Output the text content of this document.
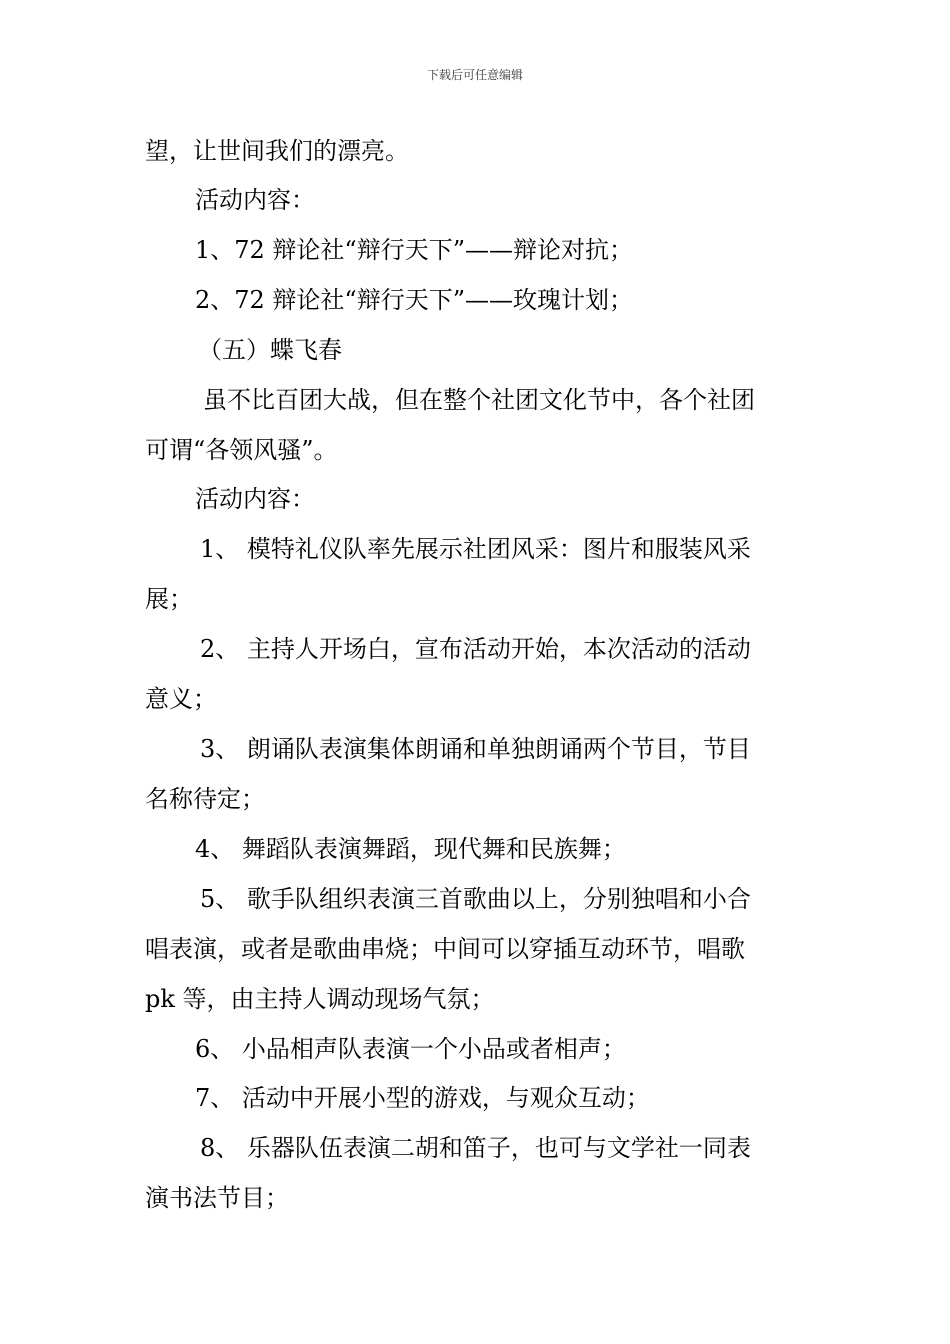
下载后可任意编辑
望，让世间我们的漂亮。
活动内容：
1、72 辩论社“辩行天下”——辩论对抗；
2、72 辩论社“辩行天下”——玫瑰计划；
（五）蝶飞春
虽不比百团大战，但在整个社团文化节中，各个社团
可谓“各领风骚”。
活动内容：
1、 模特礼仪队率先展示社团风采：图片和服装风采
展；
2、 主持人开场白，宣布活动开始，本次活动的活动
意义；
3、 朗诵队表演集体朗诵和单独朗诵两个节目，节目
名称待定；
4、 舞蹈队表演舞蹈，现代舞和民族舞；
5、 歌手队组织表演三首歌曲以上，分别独唱和小合
唱表演，或者是歌曲串烧；中间可以穿插互动环节，唱歌
pk 等，由主持人调动现场气氛；
6、 小品相声队表演一个小品或者相声；
7、 活动中开展小型的游戏，与观众互动；
8、 乐器队伍表演二胡和笛子，也可与文学社一同表
演书法节目；
